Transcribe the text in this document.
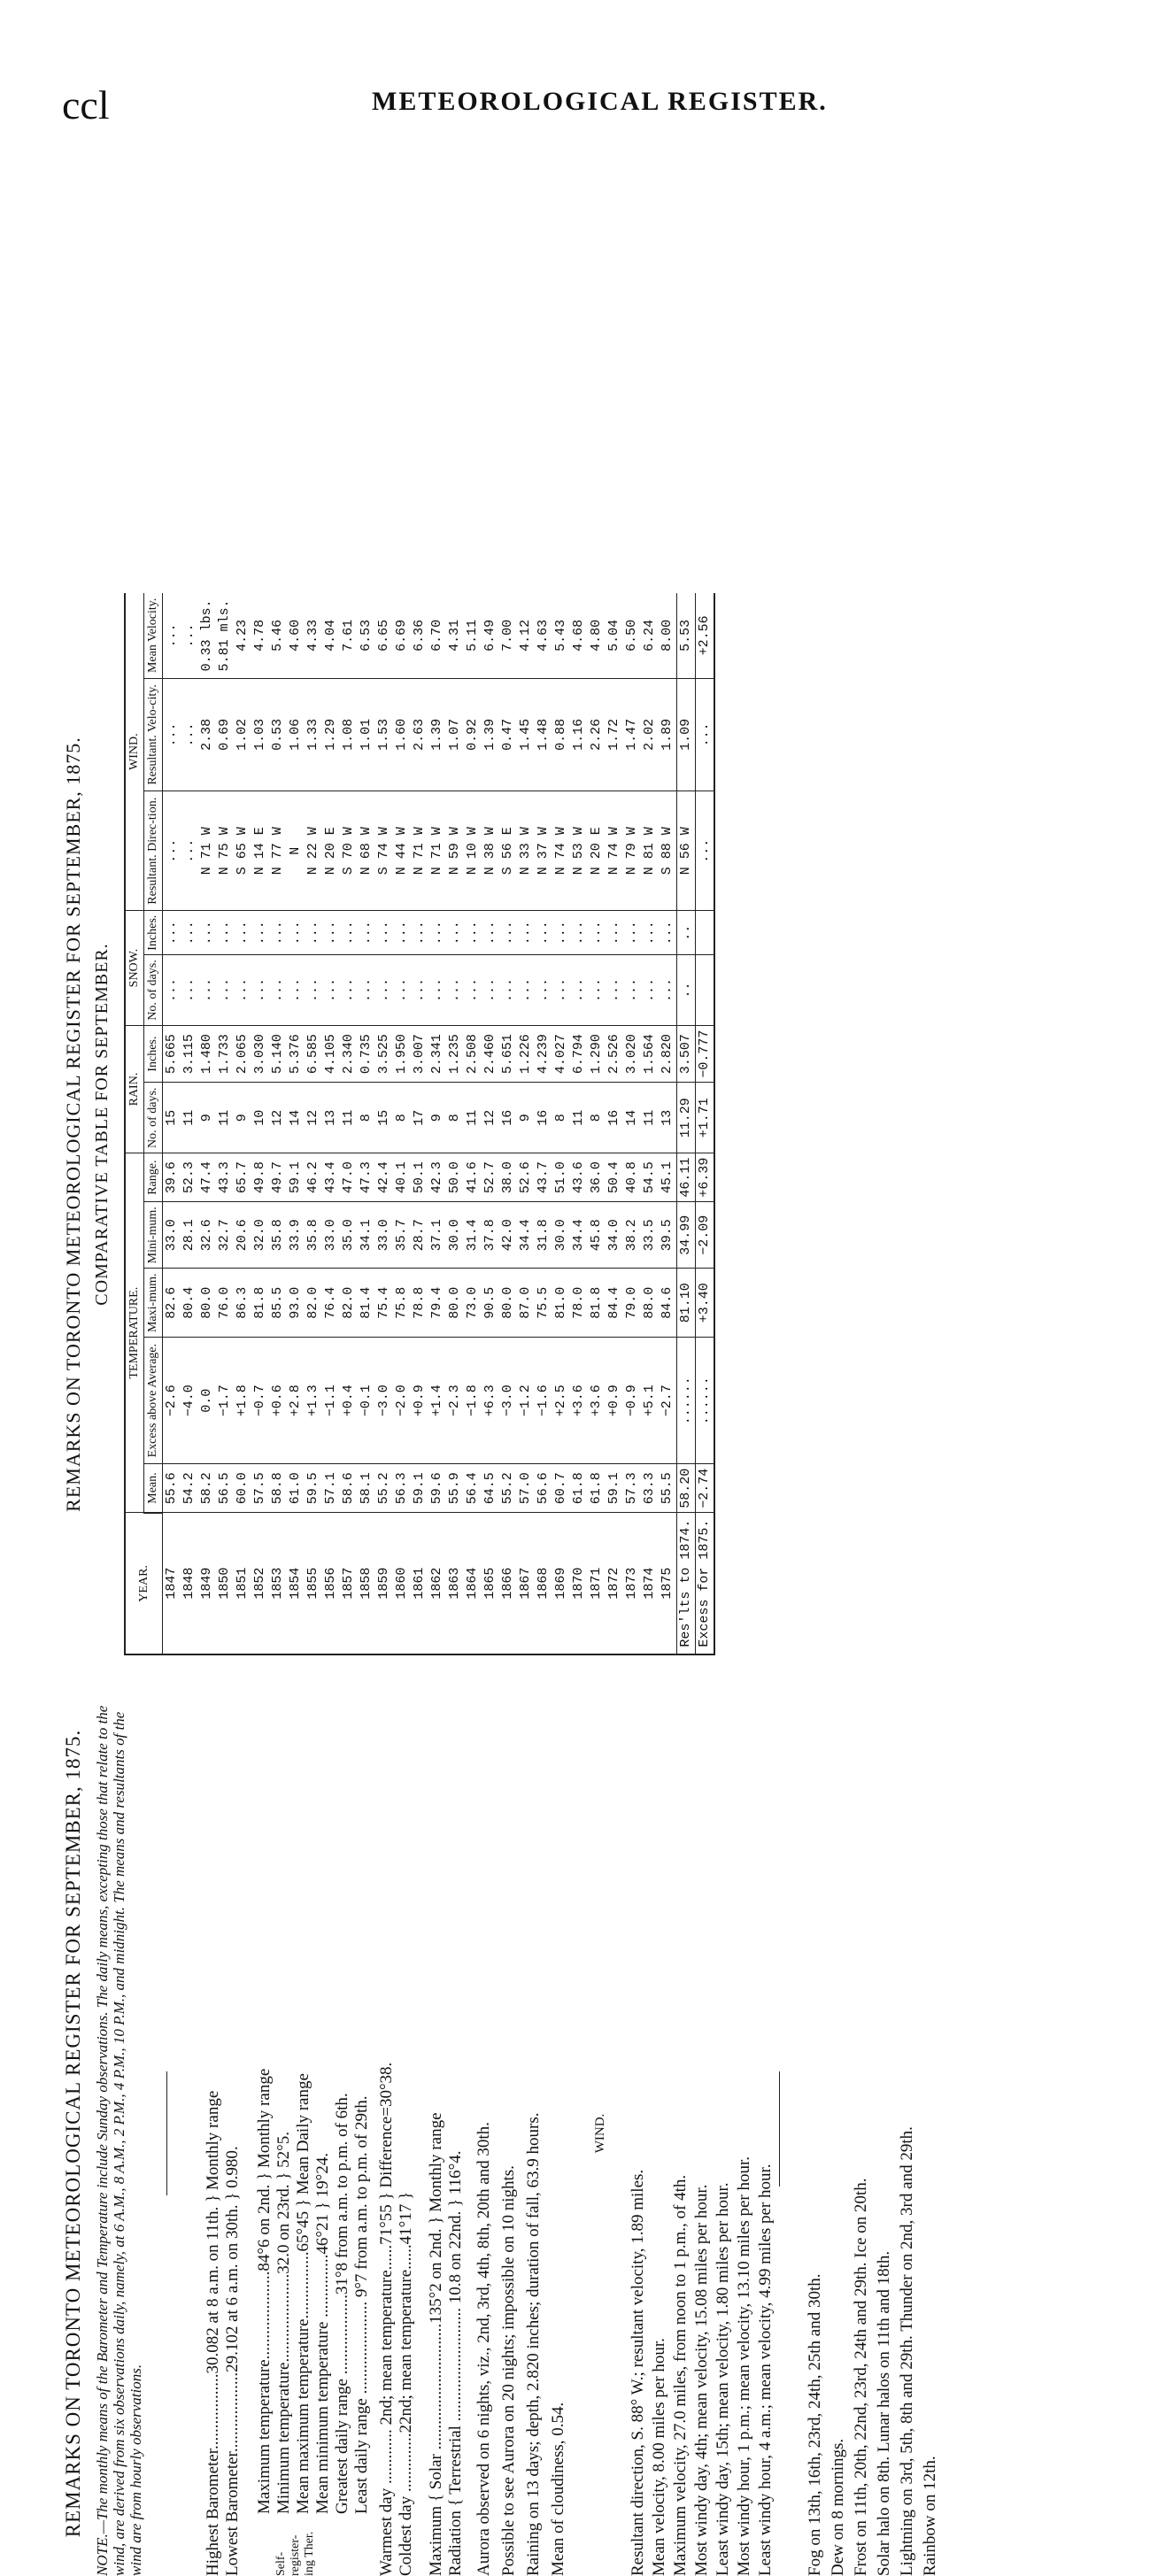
ccl	METEOROLOGICAL REGISTER.
REMARKS ON TORONTO METEOROLOGICAL REGISTER FOR SEPTEMBER, 1875. NOTE.—The monthly means of the Barometer and Temperature include Sunday observations. The daily means, excepting those that relate to the wind, are derived from six observations daily, namely, at 6 A.M., 8 A.M., 2 P.M., 4 P.M., 10 P.M., and midnight. The means and resultants of the wind are from hourly observations.	Highest Barometer..................30.082 at 8 a.m. on 11th. } Monthly range Lowest Barometer...................29.102 at 6 a.m. on 30th. } 0.980. Maximum temperature.....................84°6 on 2nd. } Monthly range Minimum temperature.....................32.0 on 23rd. } 52°5. Mean maximum temperature................65°45 } Mean Daily range Mean minimum temperature ...............46°21 } 19°24. Greatest daily range ...................31°8 from a.m. to p.m. of 6th. Least daily range ...................... 9°7 from a.m. to p.m. of 29th. Warmest day ............. 2nd; mean temperature......71°55 } Difference=30°38. Coldest day ..............22nd; mean temperature......41°17 } Maximum { Solar ..............................135°2 on 2nd. } Monthly range Radiation { Terrestrial ........................... 10.8 on 22nd. } 116°4. Aurora observed on 6 nights, viz., 2nd, 3rd, 4th, 8th, 20th and 30th. Possible to see Aurora on 20 nights; impossible on 10 nights. Raining on 13 days; depth, 2.820 inches; duration of fall, 63.9 hours. Mean of cloudiness, 0.54.
Self-register- ing Ther.
WIND.
Resultant direction, S. 88° W.; resultant velocity, 1.89 miles. Mean velocity, 8.00 miles per hour. Maximum velocity, 27.0 miles, from noon to 1 p.m., of 4th. Most windy day, 4th; mean velocity, 15.08 miles per hour. Least windy day, 15th; mean velocity, 1.80 miles per hour. Most windy hour, 1 p.m.; mean velocity, 13.10 miles per hour. Least windy hour, 4 a.m.; mean velocity, 4.99 miles per hour. Fog on 13th, 16th, 23rd, 24th, 25th and 30th. Dew on 8 mornings. Frost on 11th, 20th, 22nd, 23rd, 24th and 29th. Ice on 20th. Solar halo on 8th. Lunar halos on 11th and 18th. Lightning on 3rd, 5th, 8th and 29th. Thunder on 2nd, 3rd and 29th. Rainbow on 12th.
REMARKS ON TORONTO METEOROLOGICAL REGISTER FOR SEPTEMBER, 1875. COMPARATIVE TABLE FOR SEPTEMBER.
YEAR.	TEMPERATURE.					RAIN.		SNOW.		WIND.		
	Mean.	Excess above Average.	Maxi-mum.	Mini-mum.	Range.	No. of days.	Inches.	No. of days.	Inches.	Resultant. Direc-tion.	Resultant. Velo-city.	Mean Velocity.
1847	55.6	−2.6	82.6	33.0	39.6	15	5.665	...	...	...	...	...
1848	54.2	−4.0	80.4	28.1	52.3	11	3.115	...	...	...	...	...
1849	58.2	0.0	80.0	32.6	47.4	9	1.480	...	...	N 71 W	2.38	0.33 lbs.
1850	56.5	−1.7	76.0	32.7	43.3	11	1.733	...	...	N 75 W	0.69	5.81 mls.
1851	60.0	+1.8	86.3	20.6	65.7	9	2.065	...	...	S 65 W	1.02	4.23
1852	57.5	−0.7	81.8	32.0	49.8	10	3.030	...	...	N 14 E	1.03	4.78
1853	58.8	+0.6	85.5	35.8	49.7	12	5.140	...	...	N 77 W	0.53	5.46
1854	61.0	+2.8	93.0	33.9	59.1	14	5.376	...	...	N	1.06	4.60
1855	59.5	+1.3	82.0	35.8	46.2	12	6.585	...	...	N 22 W	1.33	4.33
1856	57.1	−1.1	76.4	33.0	43.4	13	4.105	...	...	N 20 E	1.29	4.04
1857	58.6	+0.4	82.0	35.0	47.0	11	2.340	...	...	S 70 W	1.08	7.61
1858	58.1	−0.1	81.4	34.1	47.3	8	0.735	...	...	N 68 W	1.01	6.53
1859	55.2	−3.0	75.4	33.0	42.4	15	3.525	...	...	S 74 W	1.53	6.65
1860	56.3	−2.0	75.8	35.7	40.1	8	1.950	...	...	N 44 W	1.60	6.69
1861	59.1	+0.9	78.8	28.7	50.1	17	3.007	...	...	N 71 W	2.63	6.36
1862	59.6	+1.4	79.4	37.1	42.3	9	2.341	...	...	N 71 W	1.39	6.70
1863	55.9	−2.3	80.0	30.0	50.0	8	1.235	...	...	N 59 W	1.07	4.31
1864	56.4	−1.8	73.0	31.4	41.6	11	2.508	...	...	N 10 W	0.92	5.11
1865	64.5	+6.3	90.5	37.8	52.7	12	2.460	...	...	N 38 W	1.39	6.49
1866	55.2	−3.0	80.0	42.0	38.0	16	5.651	...	...	S 56 E	0.47	7.00
1867	57.0	−1.2	87.0	34.4	52.6	9	1.226	...	...	N 33 W	1.45	4.12
1868	56.6	−1.6	75.5	31.8	43.7	16	4.239	...	...	N 37 W	1.48	4.63
1869	60.7	+2.5	81.0	30.0	51.0	8	4.027	...	...	N 74 W	0.88	5.43
1870	61.8	+3.6	78.0	34.4	43.6	11	6.794	...	...	N 53 W	1.16	4.68
1871	61.8	+3.6	81.8	45.8	36.0	8	1.290	...	...	N 20 E	2.26	4.80
1872	59.1	+0.9	84.4	34.0	50.4	16	2.526	...	...	N 74 W	1.72	5.04
1873	57.3	−0.9	79.0	38.2	40.8	14	3.020	...	...	N 79 W	1.47	6.50
1874	63.3	+5.1	88.0	33.5	54.5	11	1.564	...	...	N 81 W	2.02	6.24
1875	55.5	−2.7	84.6	39.5	45.1	13	2.820	...	...	S 88 W	1.89	8.00
Res'lts to 1874.	58.20	......	81.10	34.99	46.11	11.29	3.507	..	..	N 56 W	1.09	5.53
Excess for 1875.	−2.74	......	+3.40	−2.09	+6.39	+1.71	−0.777			...	...	+2.56
